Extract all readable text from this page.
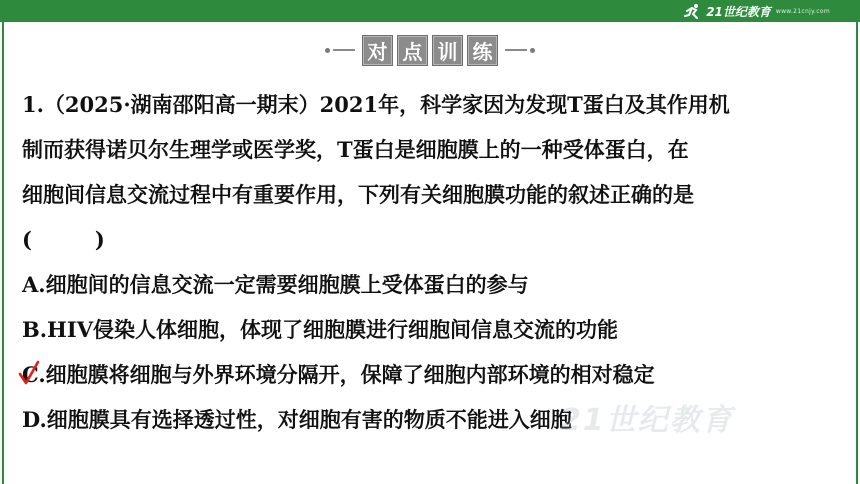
21世纪教育 www.21cnjy.com
对 点 训 练
1.（2025·湖南邵阳高一期末）2021年，科学家因为发现T蛋白及其作用机
制而获得诺贝尔生理学或医学奖，T蛋白是细胞膜上的一种受体蛋白，在
细胞间信息交流过程中有重要作用，下列有关细胞膜功能的叙述正确的是
(　　　)
A.细胞间的信息交流一定需要细胞膜上受体蛋白的参与
B.HIV侵染人体细胞，体现了细胞膜进行细胞间信息交流的功能
C.细胞膜将细胞与外界环境分隔开，保障了细胞内部环境的相对稳定
D.细胞膜具有选择透过性，对细胞有害的物质不能进入细胞
21世纪教育
